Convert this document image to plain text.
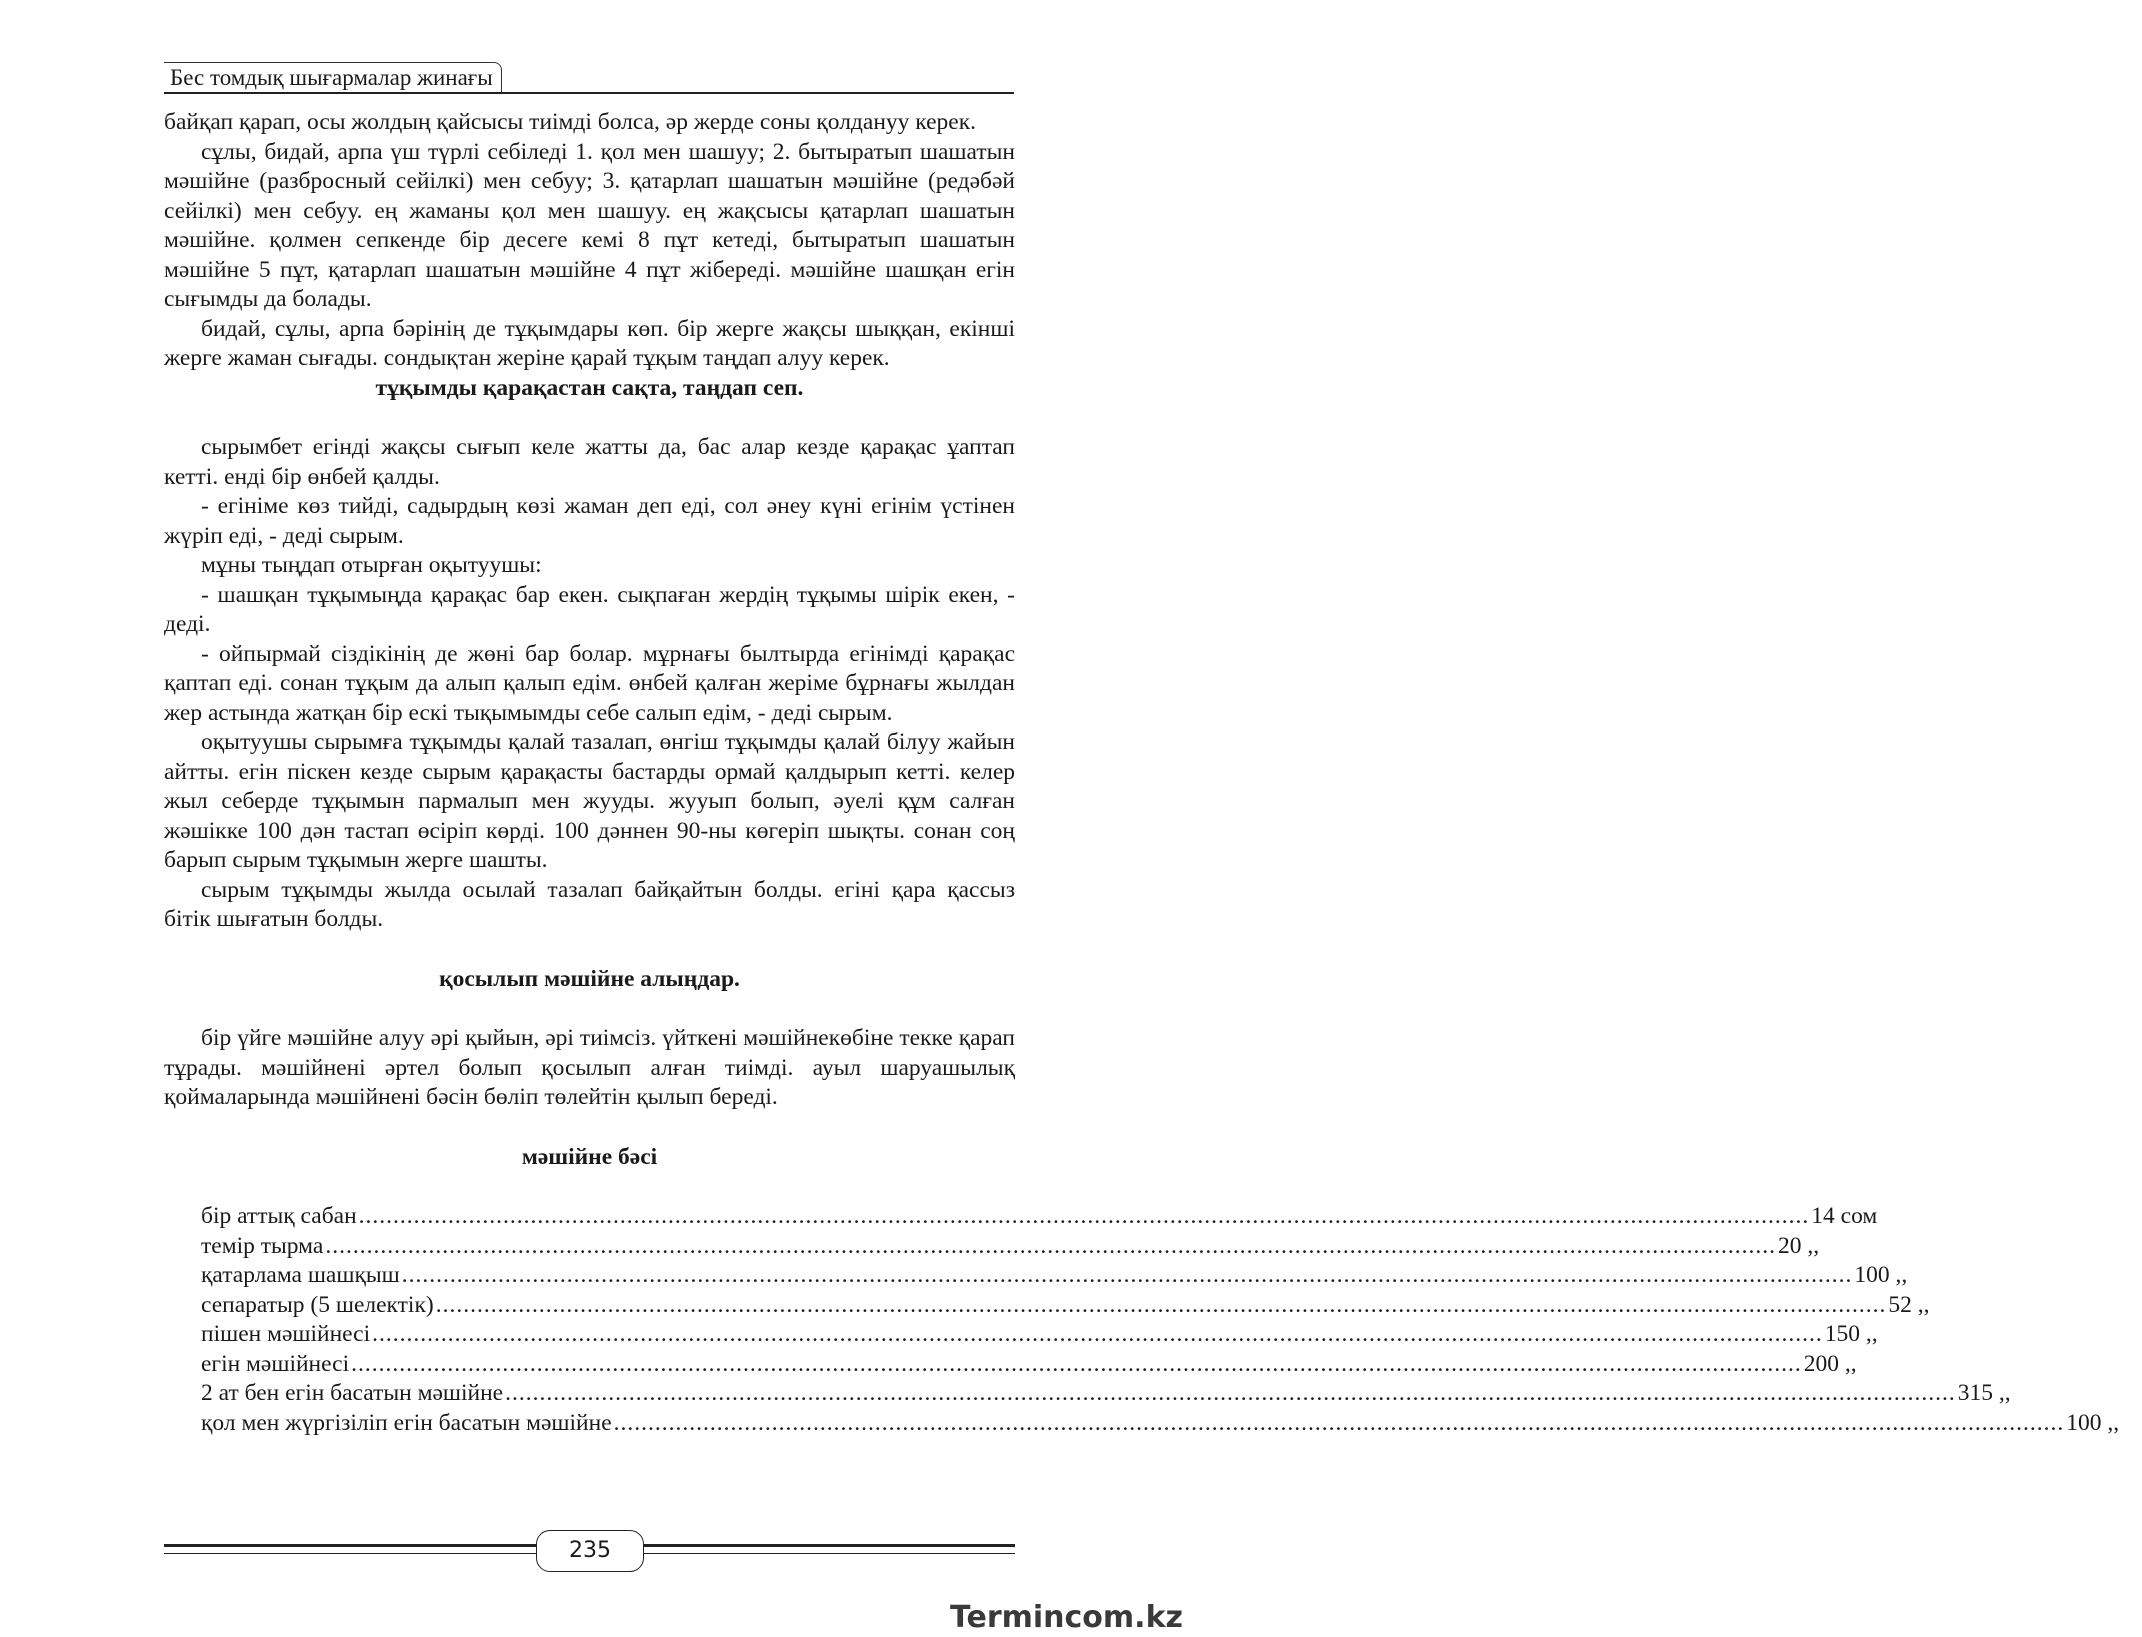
Бес томдық шығармалар жинағы

байқап қарап, осы жолдың қайсысы тиімді болса, әр жерде соны қолдануу керек.

сұлы, бидай, арпа үш түрлі себіледі 1. қол мен шашуу; 2. бытыратып шашатын мәшійне (разбросный сейілкі) мен себуу; 3. қатарлап шашатын мәшійне (редәбәй сейілкі) мен себуу. ең жаманы қол мен шашуу. ең жақсысы қатарлап шашатын мәшійне. қолмен сепкенде бір десеге кемі 8 пұт кетеді, бытыратып шашатын мәшійне 5 пұт, қатарлап шашатын мәшійне 4 пұт жібереді. мәшійне шашқан егін сығымды да болады.

бидай, сұлы, арпа бәрінің де тұқымдары көп. бір жерге жақсы шыққан, екінші жерге жаман сығады. сондықтан жеріне қарай тұқым таңдап алуу керек.

тұқымды қарақастан сақта, таңдап сеп.

сырымбет егінді жақсы сығып келе жатты да, бас алар кезде қарақас ұаптап кетті. енді бір өнбей қалды.

- егініме көз тийді, садырдың көзі жаман деп еді, сол әнеу күні егінім үстінен жүріп еді, - деді сырым.

мұны тыңдап отырған оқытуушы:

- шашқан тұқымыңда қарақас бар екен. сықпаған жердің тұқымы шірік екен, - деді.

- ойпырмай сіздікінің де жөні бар болар. мұрнағы былтырда егінімді қарақас қаптап еді. сонан тұқым да алып қалып едім. өнбей қалған жеріме бұрнағы жылдан жер астында жатқан бір ескі тықымымды себе салып едім, - деді сырым.

оқытуушы сырымға тұқымды қалай тазалап, өнгіш тұқымды қалай білуу жайын айтты. егін піскен кезде сырым қарақасты бастарды ормай қалдырып кетті. келер жыл себерде тұқымын пармалып мен жууды. жууып болып, әуелі құм салған жәшікке 100 дән тастап өсіріп көрді. 100 дәннен 90-ны көгеріп шықты. сонан соң барып сырым тұқымын жерге шашты.

сырым тұқымды жылда осылай тазалап байқайтын болды. егіні қара қассыз бітік шығатын болды.

қосылып мәшійне алыңдар.

бір үйге мәшійне алуу әрі қыйын, әрі тиімсіз. үйткені мәшійнекөбіне текке қарап тұрады. мәшійнені әртел болып қосылып алған тиімді. ауыл шаруашылық қоймаларында мәшійнені бәсін бөліп төлейтін қылып береді.

мәшійне бәсі

бір аттық сабан .....	14 сом
темір тырма .....	20 ,,
қатарлама шашқыш .....	100 ,,
сепаратыр (5 шелектік) .....	52 ,,
пішен мәшійнесі .....	150 ,,
егін мәшійнесі .....	200 ,,
2 ат бен егін басатын мәшійне .....	315 ,,
қол мен жүргізіліп егін басатын мәшійне .....	100 ,,
235
Termincom.kz
